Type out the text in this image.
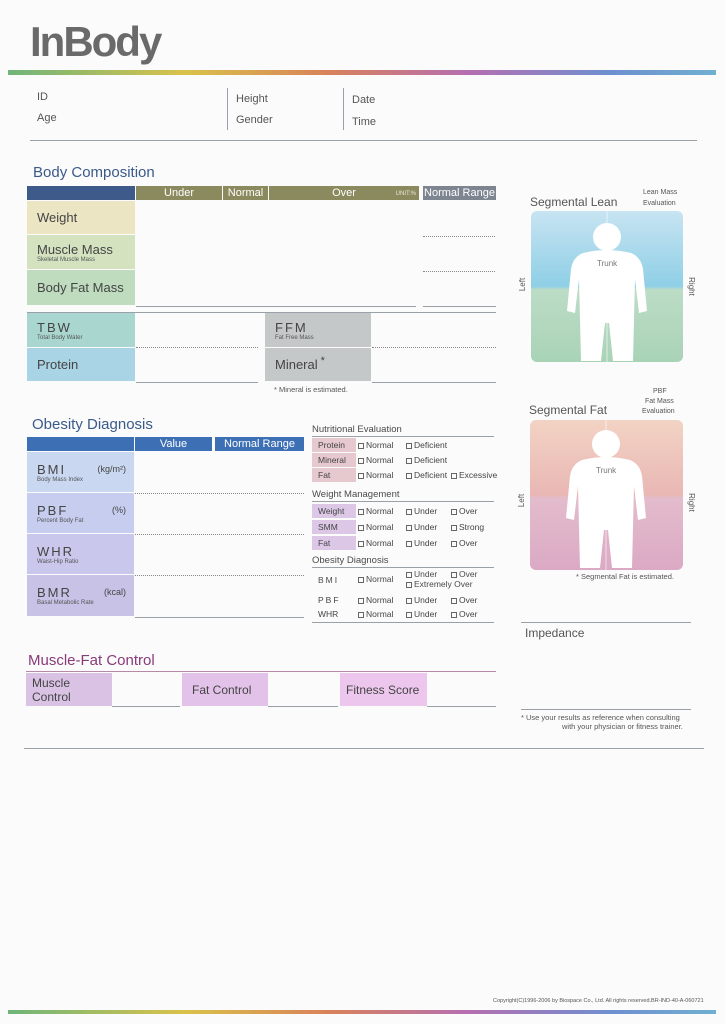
InBody
ID
Age
Height
Gender
Date
Time
Body Composition
Under	Normal	Over	UNIT:% Normal Range
Weight
Muscle Mass
Skeletal Muscle Mass
Body Fat Mass
TBW
Total Body Water
Protein
FFM
Fat Free Mass
Mineral *
* Mineral is estimated.
Segmental Lean
Lean Mass
Evaluation
Trunk
Left	Right
Segmental Fat
PBF
Fat Mass
Evaluation
Trunk
Left	Right
* Segmental Fat is estimated.
Obesity Diagnosis
Value	Normal Range
BMI
Body Mass Index
(kg/m²)
PBF
Percent Body Fat
(%)
WHR
Waist-Hip Ratio
BMR
Basal Metabolic Rate
(kcal)
Nutritional Evaluation
Protein	Normal	Deficient
Mineral	Normal	Deficient
Fat	Normal	Deficient	Excessive
Weight Management
Weight	Normal	Under	Over
SMM	Normal	Under	Strong
Fat	Normal	Under	Over
Obesity Diagnosis
BMI	Normal	Under	Over
Extremely Over
PBF	Normal	Under	Over
WHR	Normal	Under	Over
Impedance
Muscle-Fat Control
Muscle Control	Fat Control	Fitness Score
* Use your results as reference when consulting
with your physician or fitness trainer.
Copyright(C)1996-2006 by Biospace Co., Ltd. All rights reserved.BR-IND-40-A-060721
